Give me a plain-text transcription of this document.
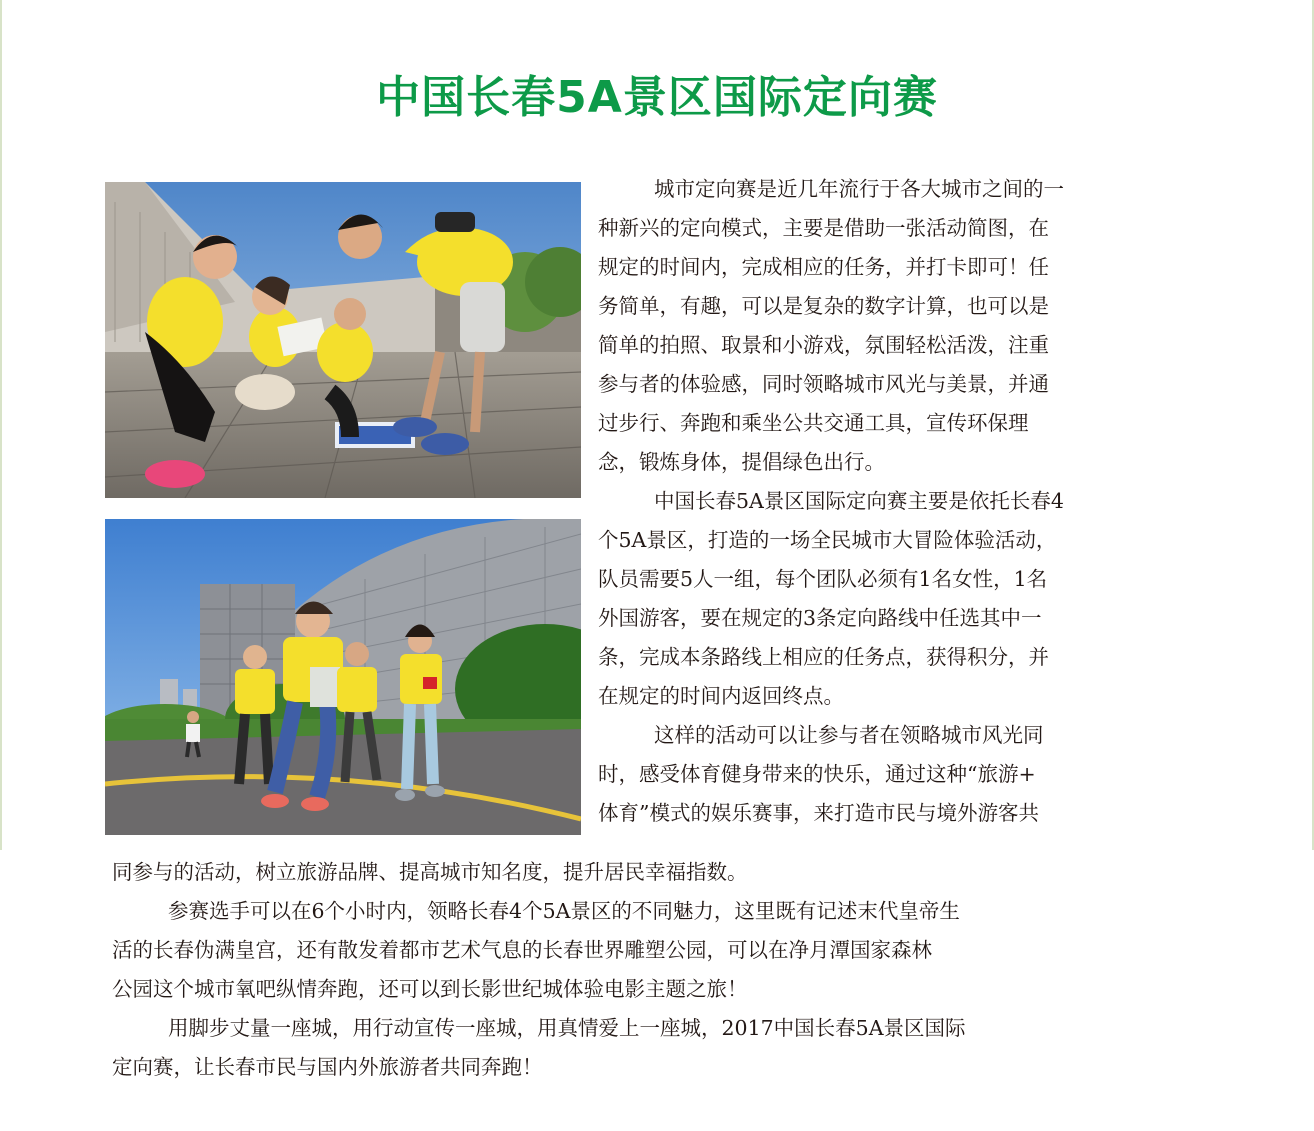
中国长春5A景区国际定向赛
城市定向赛是近几年流行于各大城市之间的一
种新兴的定向模式，主要是借助一张活动简图，在
规定的时间内，完成相应的任务，并打卡即可！任
务简单，有趣，可以是复杂的数字计算，也可以是
简单的拍照、取景和小游戏，氛围轻松活泼，注重
参与者的体验感，同时领略城市风光与美景，并通
过步行、奔跑和乘坐公共交通工具，宣传环保理
念，锻炼身体，提倡绿色出行。
中国长春5A景区国际定向赛主要是依托长春4
个5A景区，打造的一场全民城市大冒险体验活动，
队员需要5人一组，每个团队必须有1名女性，1名
外国游客，要在规定的3条定向路线中任选其中一
条，完成本条路线上相应的任务点，获得积分，并
在规定的时间内返回终点。
这样的活动可以让参与者在领略城市风光同
时，感受体育健身带来的快乐，通过这种“旅游+
体育”模式的娱乐赛事，来打造市民与境外游客共
同参与的活动，树立旅游品牌、提高城市知名度，提升居民幸福指数。
参赛选手可以在6个小时内，领略长春4个5A景区的不同魅力，这里既有记述末代皇帝生
活的长春伪满皇宫，还有散发着都市艺术气息的长春世界雕塑公园，可以在净月潭国家森林
公园这个城市氧吧纵情奔跑，还可以到长影世纪城体验电影主题之旅！
用脚步丈量一座城，用行动宣传一座城，用真情爱上一座城，2017中国长春5A景区国际
定向赛，让长春市民与国内外旅游者共同奔跑！
